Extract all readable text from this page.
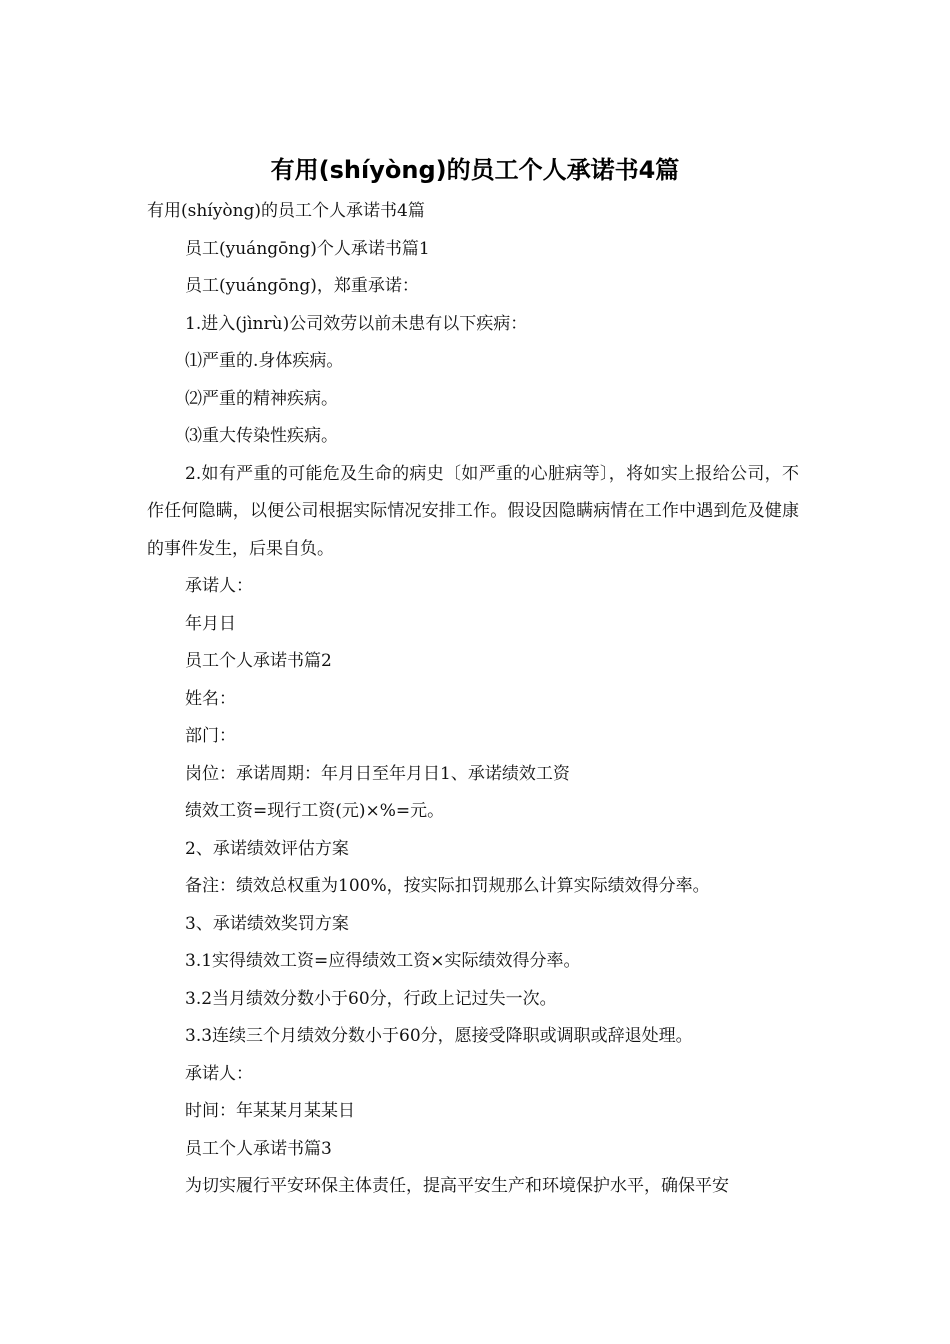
有用(shíyòng)的员工个人承诺书4篇

有用(shíyòng)的员工个人承诺书4篇

员工(yuángōng)个人承诺书篇1

员工(yuángōng)，郑重承诺：

1.进入(jìnrù)公司效劳以前未患有以下疾病：

⑴严重的.身体疾病。

⑵严重的精神疾病。

⑶重大传染性疾病。

2.如有严重的可能危及生命的病史〔如严重的心脏病等〕，将如实上报给公司，不作任何隐瞒，以便公司根据实际情况安排工作。假设因隐瞒病情在工作中遇到危及健康的事件发生，后果自负。

承诺人：

年月日

员工个人承诺书篇2

姓名：

部门：

岗位：承诺周期：年月日至年月日1、承诺绩效工资

绩效工资=现行工资(元)×%=元。

2、承诺绩效评估方案

备注：绩效总权重为100%，按实际扣罚规那么计算实际绩效得分率。

3、承诺绩效奖罚方案

3.1实得绩效工资=应得绩效工资×实际绩效得分率。

3.2当月绩效分数小于60分，行政上记过失一次。

3.3连续三个月绩效分数小于60分，愿接受降职或调职或辞退处理。

承诺人：

时间：年某某月某某日

员工个人承诺书篇3

为切实履行平安环保主体责任，提高平安生产和环境保护水平，确保平安
